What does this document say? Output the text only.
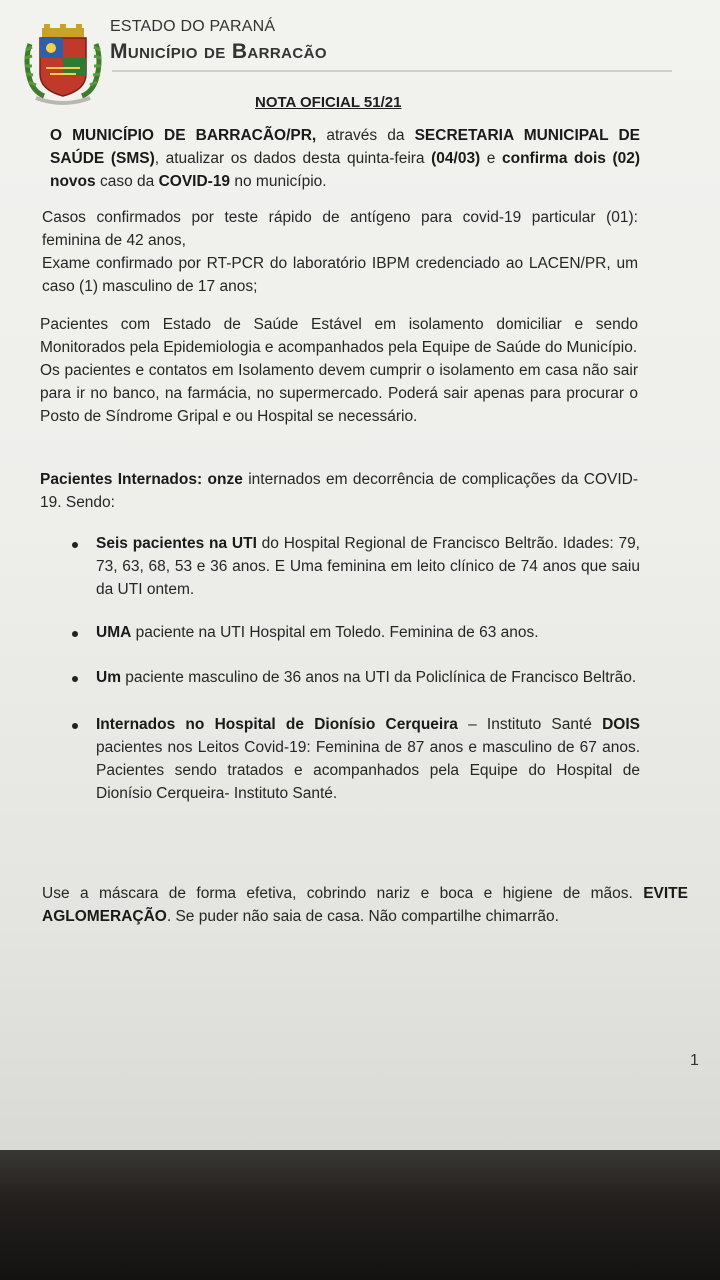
ESTADO DO PARANÁ
Município de Barracão
NOTA OFICIAL 51/21

O MUNICÍPIO DE BARRACÃO/PR, através da SECRETARIA MUNICIPAL DE SAÚDE (SMS), atualizar os dados desta quinta-feira (04/03) e confirma dois (02) novos caso da COVID-19 no município.

Casos confirmados por teste rápido de antígeno para covid-19 particular (01): feminina de 42 anos,

Exame confirmado por RT-PCR do laboratório IBPM credenciado ao LACEN/PR, um caso (1) masculino de 17 anos;

Pacientes com Estado de Saúde Estável em isolamento domiciliar e sendo Monitorados pela Epidemiologia e acompanhados pela Equipe de Saúde do Município.

Os pacientes e contatos em Isolamento devem cumprir o isolamento em casa não sair para ir no banco, na farmácia, no supermercado. Poderá sair apenas para procurar o Posto de Síndrome Gripal e ou Hospital se necessário.

Pacientes Internados: onze internados em decorrência de complicações da COVID-19. Sendo:

Seis pacientes na UTI do Hospital Regional de Francisco Beltrão. Idades: 79, 73, 63, 68, 53 e 36 anos. E Uma feminina em leito clínico de 74 anos que saiu da UTI ontem.
UMA paciente na UTI Hospital em Toledo. Feminina de 63 anos.
Um paciente masculino de 36 anos na UTI da Policlínica de Francisco Beltrão.
Internados no Hospital de Dionísio Cerqueira – Instituto Santé DOIS pacientes nos Leitos Covid-19: Feminina de 87 anos e masculino de 67 anos. Pacientes sendo tratados e acompanhados pela Equipe do Hospital de Dionísio Cerqueira- Instituto Santé.

Use a máscara de forma efetiva, cobrindo nariz e boca e higiene de mãos. EVITE AGLOMERAÇÃO. Se puder não saia de casa. Não compartilhe chimarrão.

1
